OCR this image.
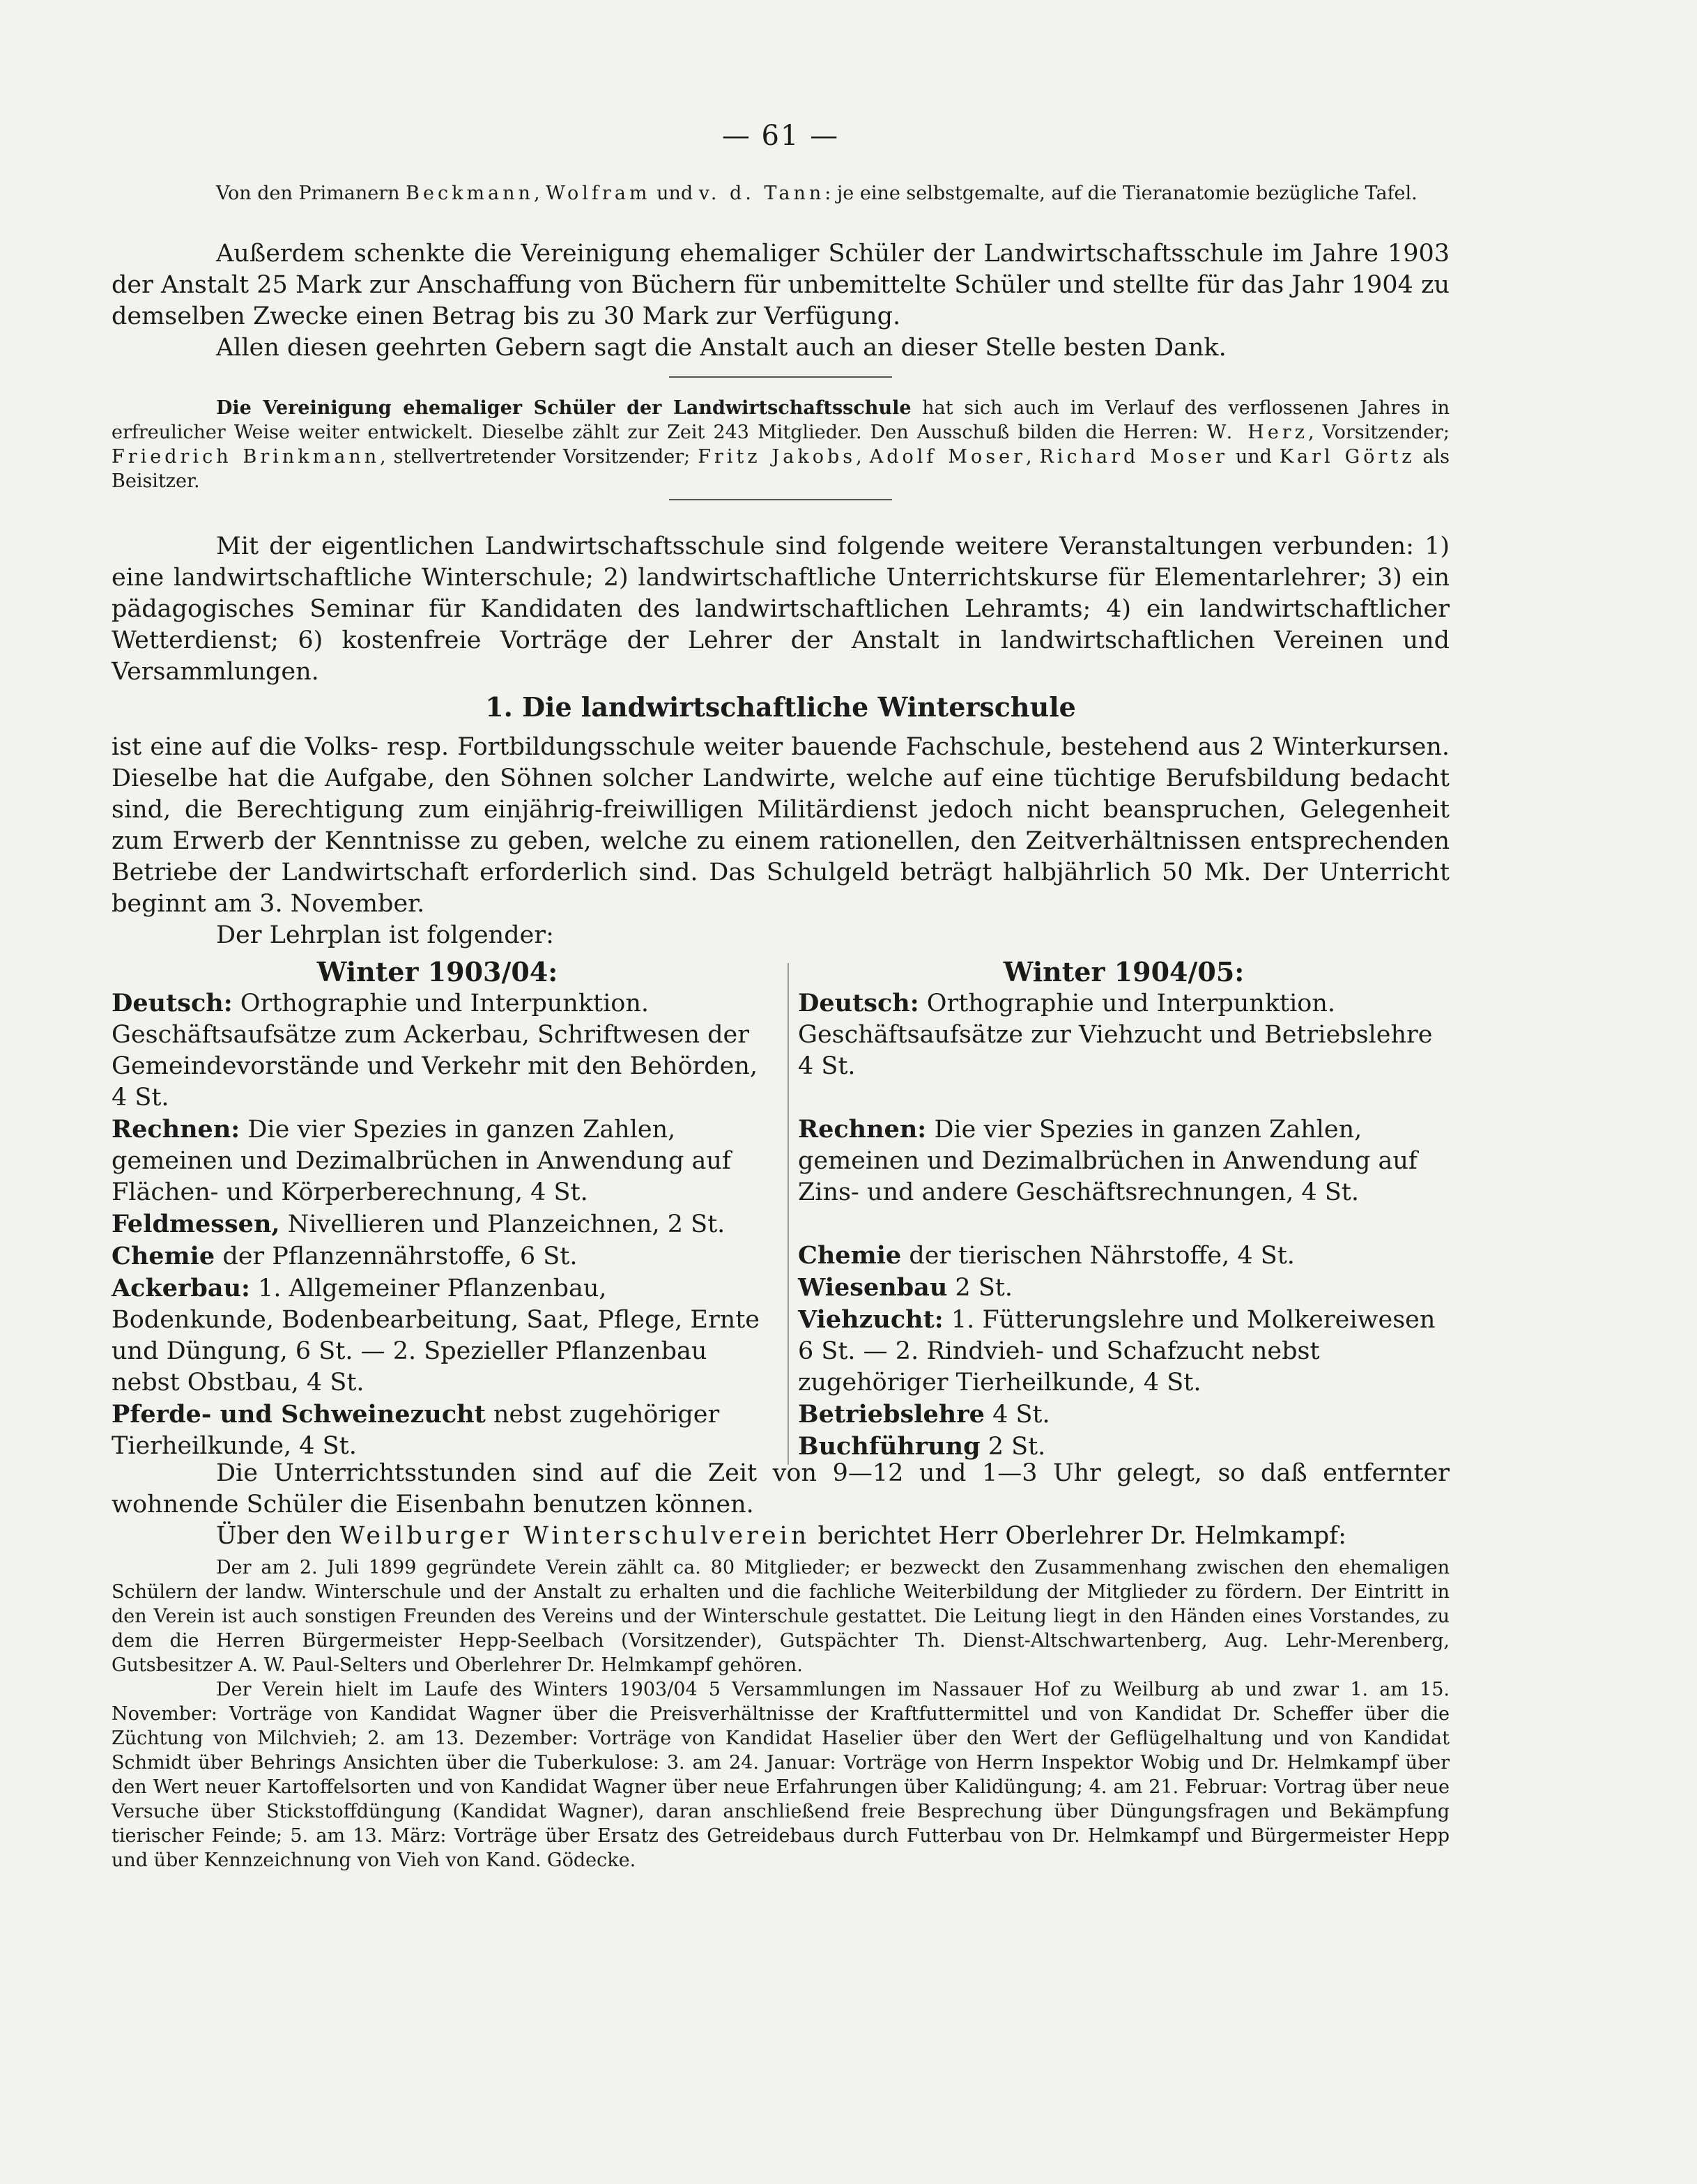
— 61 —

Von den Primanern Beckmann, Wolfram und v. d. Tann: je eine selbstgemalte, auf die Tieranatomie bezügliche Tafel.

Außerdem schenkte die Vereinigung ehemaliger Schüler der Landwirtschaftsschule im Jahre 1903 der Anstalt 25 Mark zur Anschaffung von Büchern für unbemittelte Schüler und stellte für das Jahr 1904 zu demselben Zwecke einen Betrag bis zu 30 Mark zur Verfügung.

Allen diesen geehrten Gebern sagt die Anstalt auch an dieser Stelle besten Dank.

Die Vereinigung ehemaliger Schüler der Landwirtschaftsschule hat sich auch im Verlauf des verflossenen Jahres in erfreulicher Weise weiter entwickelt. Dieselbe zählt zur Zeit 243 Mitglieder. Den Ausschuß bilden die Herren: W. Herz, Vorsitzender; Friedrich Brinkmann, stellvertretender Vorsitzender; Fritz Jakobs, Adolf Moser, Richard Moser und Karl Görtz als Beisitzer.

Mit der eigentlichen Landwirtschaftsschule sind folgende weitere Veranstaltungen verbunden: 1) eine landwirtschaftliche Winterschule; 2) landwirtschaftliche Unterrichtskurse für Elementarlehrer; 3) ein pädagogisches Seminar für Kandidaten des landwirtschaftlichen Lehramts; 4) ein landwirtschaftlicher Wetterdienst; 6) kostenfreie Vorträge der Lehrer der Anstalt in landwirtschaftlichen Vereinen und Versammlungen.

1. Die landwirtschaftliche Winterschule

ist eine auf die Volks- resp. Fortbildungsschule weiter bauende Fachschule, bestehend aus 2 Winterkursen. Dieselbe hat die Aufgabe, den Söhnen solcher Landwirte, welche auf eine tüchtige Berufsbildung bedacht sind, die Berechtigung zum einjährig-freiwilligen Militärdienst jedoch nicht beanspruchen, Gelegenheit zum Erwerb der Kenntnisse zu geben, welche zu einem rationellen, den Zeitverhältnissen entsprechenden Betriebe der Landwirtschaft erforderlich sind. Das Schulgeld beträgt halbjährlich 50 Mk. Der Unterricht beginnt am 3. November.

Der Lehrplan ist folgender:

Winter 1903/04:

Deutsch: Orthographie und Interpunktion. Geschäftsaufsätze zum Ackerbau, Schriftwesen der Gemeindevorstände und Verkehr mit den Behörden, 4 St.

Rechnen: Die vier Spezies in ganzen Zahlen, gemeinen und Dezimalbrüchen in Anwendung auf Flächen- und Körperberechnung, 4 St.

Feldmessen, Nivellieren und Planzeichnen, 2 St.

Chemie der Pflanzennährstoffe, 6 St.

Ackerbau: 1. Allgemeiner Pflanzenbau, Bodenkunde, Bodenbearbeitung, Saat, Pflege, Ernte und Düngung, 6 St. — 2. Spezieller Pflanzenbau nebst Obstbau, 4 St.

Pferde- und Schweinezucht nebst zugehöriger Tierheilkunde, 4 St.

Winter 1904/05:

Deutsch: Orthographie und Interpunktion. Geschäftsaufsätze zur Viehzucht und Betriebslehre 4 St.

Rechnen: Die vier Spezies in ganzen Zahlen, gemeinen und Dezimalbrüchen in Anwendung auf Zins- und andere Geschäftsrechnungen, 4 St.

Chemie der tierischen Nährstoffe, 4 St.

Wiesenbau 2 St.

Viehzucht: 1. Fütterungslehre und Molkereiwesen 6 St. — 2. Rindvieh- und Schafzucht nebst zugehöriger Tierheilkunde, 4 St.

Betriebslehre 4 St.

Buchführung 2 St.

Die Unterrichtsstunden sind auf die Zeit von 9—12 und 1—3 Uhr gelegt, so daß entfernter wohnende Schüler die Eisenbahn benutzen können.

Über den Weilburger Winterschulverein berichtet Herr Oberlehrer Dr. Helmkampf:

Der am 2. Juli 1899 gegründete Verein zählt ca. 80 Mitglieder; er bezweckt den Zusammenhang zwischen den ehemaligen Schülern der landw. Winterschule und der Anstalt zu erhalten und die fachliche Weiterbildung der Mitglieder zu fördern. Der Eintritt in den Verein ist auch sonstigen Freunden des Vereins und der Winterschule gestattet. Die Leitung liegt in den Händen eines Vorstandes, zu dem die Herren Bürgermeister Hepp-Seelbach (Vorsitzender), Gutspächter Th. Dienst-Altschwartenberg, Aug. Lehr-Merenberg, Gutsbesitzer A. W. Paul-Selters und Oberlehrer Dr. Helmkampf gehören.

Der Verein hielt im Laufe des Winters 1903/04 5 Versammlungen im Nassauer Hof zu Weilburg ab und zwar 1. am 15. November: Vorträge von Kandidat Wagner über die Preisverhältnisse der Kraftfuttermittel und von Kandidat Dr. Scheffer über die Züchtung von Milchvieh; 2. am 13. Dezember: Vorträge von Kandidat Haselier über den Wert der Geflügelhaltung und von Kandidat Schmidt über Behrings Ansichten über die Tuberkulose: 3. am 24. Januar: Vorträge von Herrn Inspektor Wobig und Dr. Helmkampf über den Wert neuer Kartoffelsorten und von Kandidat Wagner über neue Erfahrungen über Kalidüngung; 4. am 21. Februar: Vortrag über neue Versuche über Stickstoffdüngung (Kandidat Wagner), daran anschließend freie Besprechung über Düngungsfragen und Bekämpfung tierischer Feinde; 5. am 13. März: Vorträge über Ersatz des Getreidebaus durch Futterbau von Dr. Helmkampf und Bürgermeister Hepp und über Kennzeichnung von Vieh von Kand. Gödecke.
